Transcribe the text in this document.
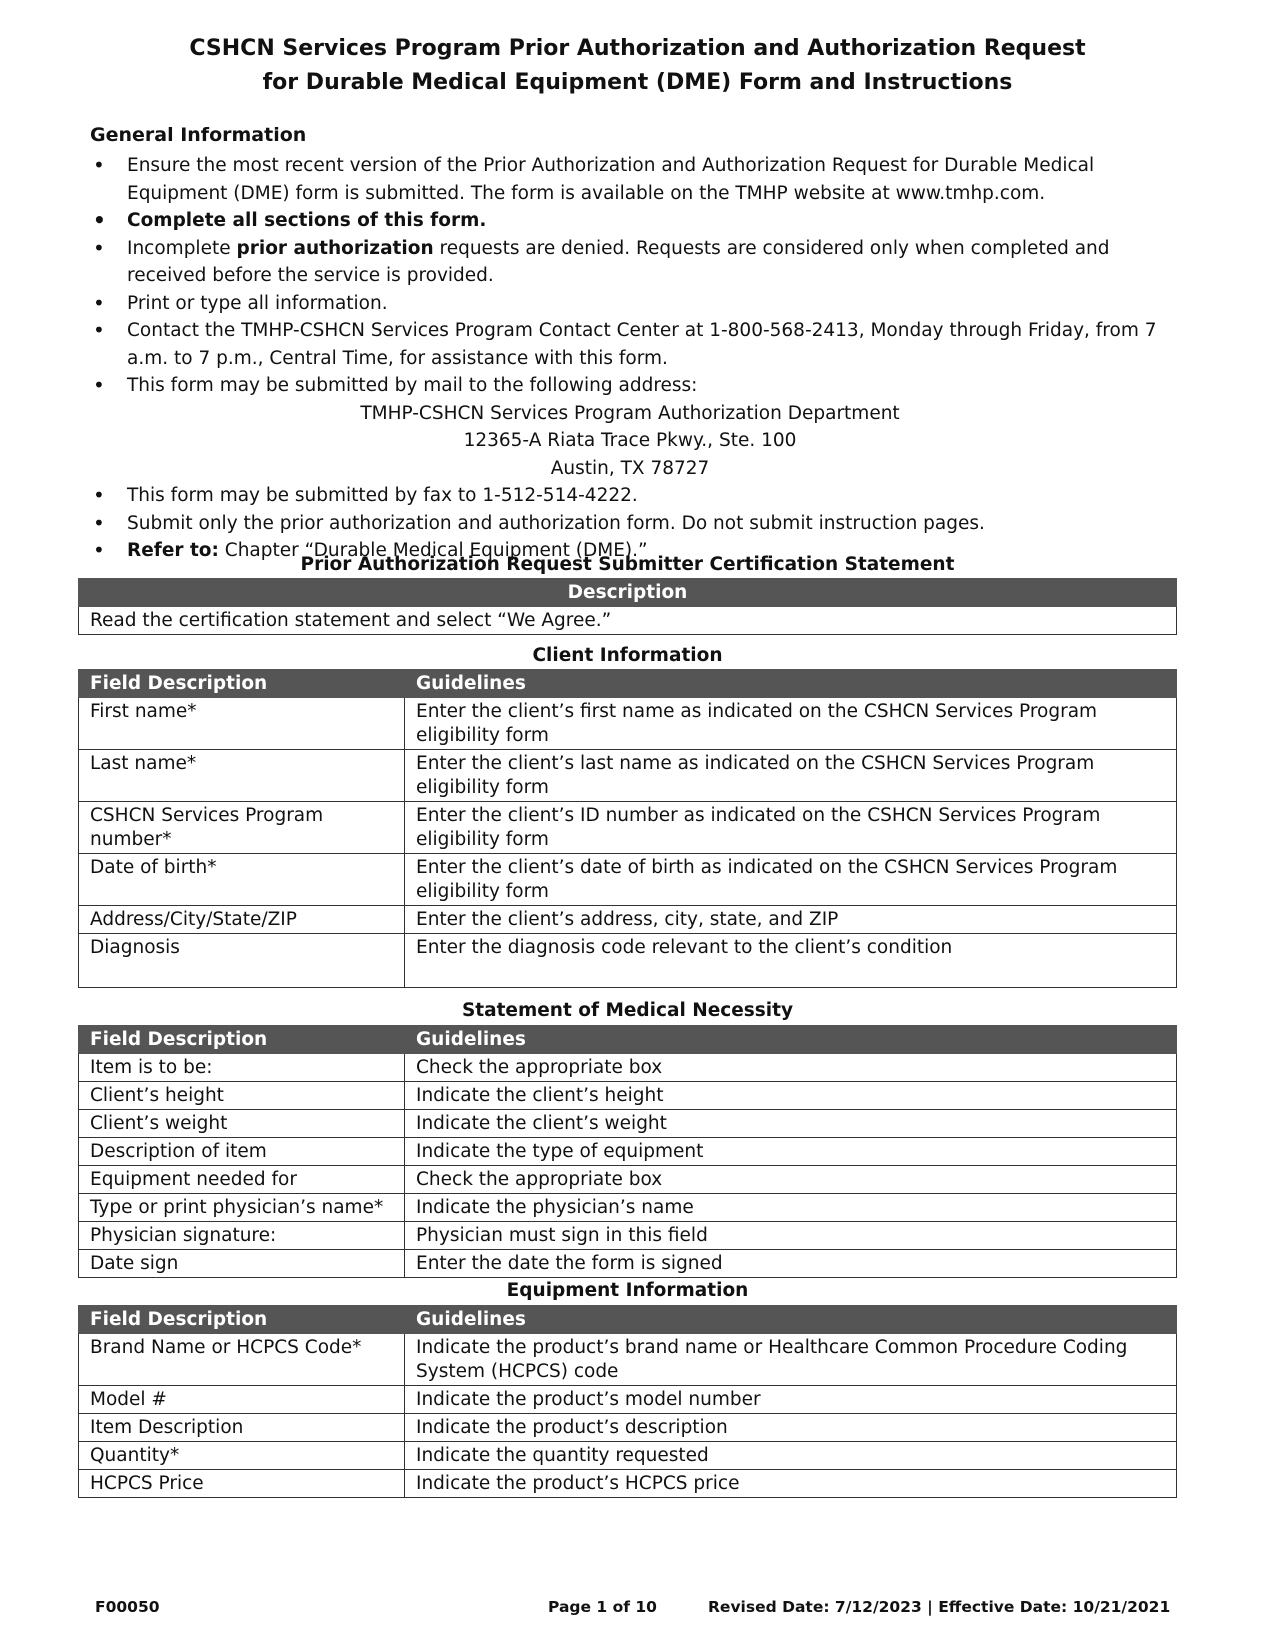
CSHCN Services Program Prior Authorization and Authorization Request
for Durable Medical Equipment (DME) Form and Instructions
General Information
• Ensure the most recent version of the Prior Authorization and Authorization Request for Durable Medical Equipment (DME) form is submitted. The form is available on the TMHP website at www.tmhp.com.
• Complete all sections of this form.
• Incomplete prior authorization requests are denied. Requests are considered only when completed and received before the service is provided.
• Print or type all information.
• Contact the TMHP-CSHCN Services Program Contact Center at 1-800-568-2413, Monday through Friday, from 7 a.m. to 7 p.m., Central Time, for assistance with this form.
• This form may be submitted by mail to the following address:
TMHP-CSHCN Services Program Authorization Department
12365-A Riata Trace Pkwy., Ste. 100
Austin, TX 78727
• This form may be submitted by fax to 1-512-514-4222.
• Submit only the prior authorization and authorization form. Do not submit instruction pages.
• Refer to: Chapter “Durable Medical Equipment (DME).”
Prior Authorization Request Submitter Certification Statement
Description
Read the certification statement and select “We Agree.”
Client Information
Field Description	Guidelines
First name*	Enter the client’s first name as indicated on the CSHCN Services Program eligibility form
Last name*	Enter the client’s last name as indicated on the CSHCN Services Program eligibility form
CSHCN Services Program number*	Enter the client’s ID number as indicated on the CSHCN Services Program eligibility form
Date of birth*	Enter the client’s date of birth as indicated on the CSHCN Services Program eligibility form
Address/City/State/ZIP	Enter the client’s address, city, state, and ZIP
Diagnosis	Enter the diagnosis code relevant to the client’s condition
Statement of Medical Necessity
Field Description	Guidelines
Item is to be:	Check the appropriate box
Client’s height	Indicate the client’s height
Client’s weight	Indicate the client’s weight
Description of item	Indicate the type of equipment
Equipment needed for	Check the appropriate box
Type or print physician’s name*	Indicate the physician’s name
Physician signature:	Physician must sign in this field
Date sign	Enter the date the form is signed
Equipment Information
Field Description	Guidelines
Brand Name or HCPCS Code*	Indicate the product’s brand name or Healthcare Common Procedure Coding System (HCPCS) code
Model #	Indicate the product’s model number
Item Description	Indicate the product’s description
Quantity*	Indicate the quantity requested
HCPCS Price	Indicate the product’s HCPCS price
F00050	Page 1 of 10	Revised Date: 7/12/2023 | Effective Date: 10/21/2021
